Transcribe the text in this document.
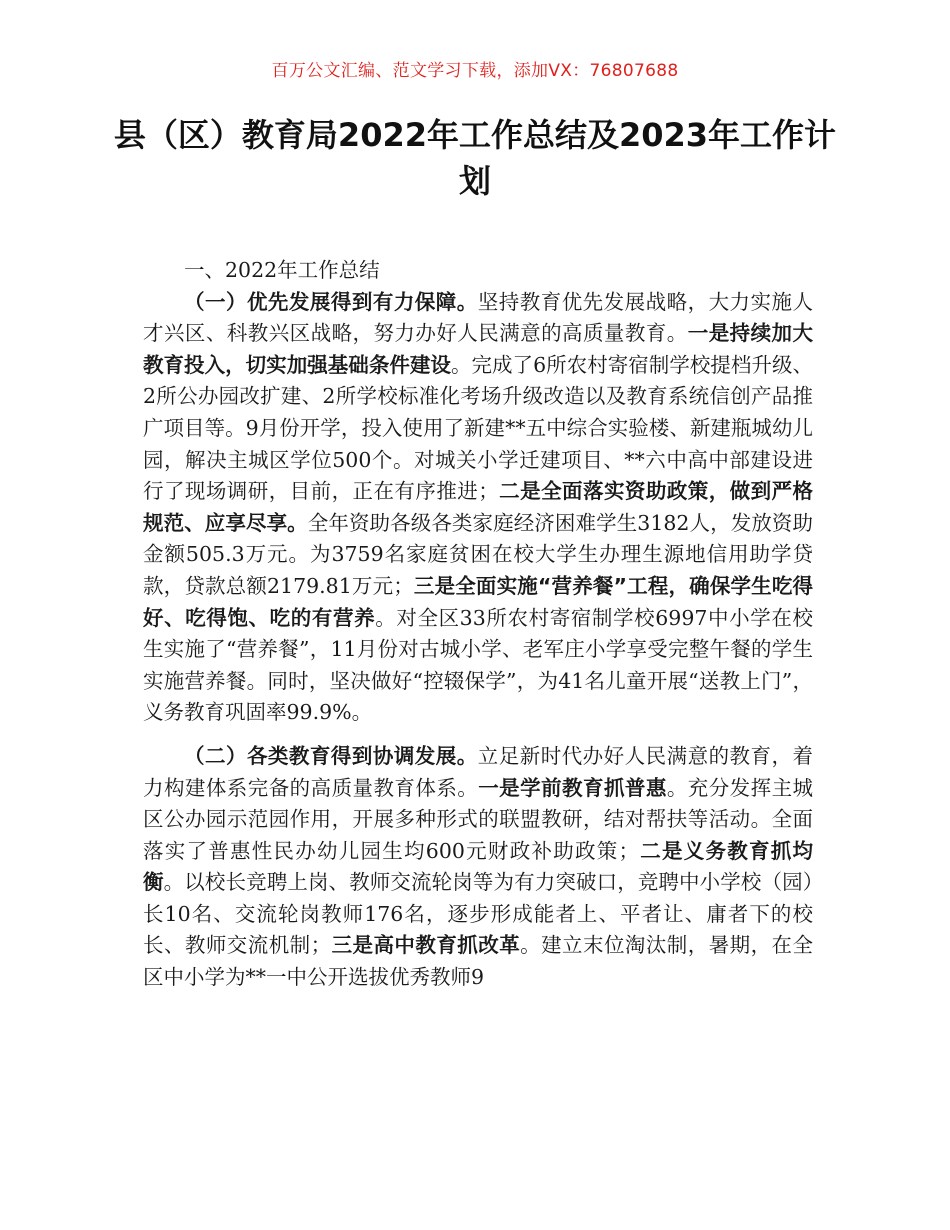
百万公文汇编、范文学习下载，添加VX：76807688
县（区）教育局2022年工作总结及2023年工作计划

一、2022年工作总结

（一）优先发展得到有力保障。坚持教育优先发展战略，大力实施人才兴区、科教兴区战略，努力办好人民满意的高质量教育。一是持续加大教育投入，切实加强基础条件建设。完成了6所农村寄宿制学校提档升级、2所公办园改扩建、2所学校标准化考场升级改造以及教育系统信创产品推广项目等。9月份开学，投入使用了新建**五中综合实验楼、新建瓶城幼儿园，解决主城区学位500个。对城关小学迁建项目、**六中高中部建设进行了现场调研，目前，正在有序推进；二是全面落实资助政策，做到严格规范、应享尽享。全年资助各级各类家庭经济困难学生3182人，发放资助金额505.3万元。为3759名家庭贫困在校大学生办理生源地信用助学贷款，贷款总额2179.81万元；三是全面实施“营养餐”工程，确保学生吃得好、吃得饱、吃的有营养。对全区33所农村寄宿制学校6997中小学在校生实施了“营养餐”，11月份对古城小学、老军庄小学享受完整午餐的学生实施营养餐。同时，坚决做好“控辍保学”，为41名儿童开展“送教上门”，义务教育巩固率99.9%。

（二）各类教育得到协调发展。立足新时代办好人民满意的教育，着力构建体系完备的高质量教育体系。一是学前教育抓普惠。充分发挥主城区公办园示范园作用，开展多种形式的联盟教研，结对帮扶等活动。全面落实了普惠性民办幼儿园生均600元财政补助政策；二是义务教育抓均衡。以校长竞聘上岗、教师交流轮岗等为有力突破口，竞聘中小学校（园）长10名、交流轮岗教师176名，逐步形成能者上、平者让、庸者下的校长、教师交流机制；三是高中教育抓改革。建立末位淘汰制，暑期，在全区中小学为**一中公开选拔优秀教师9
